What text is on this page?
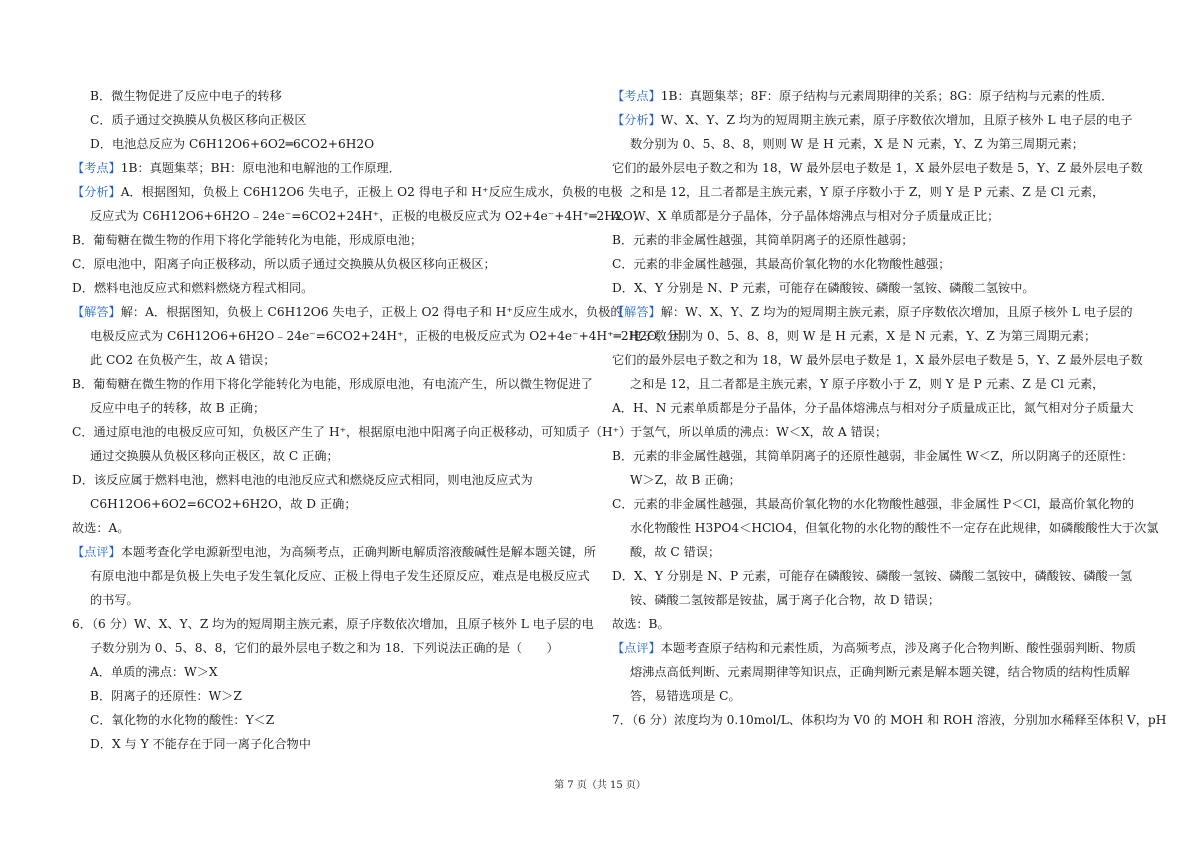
B．微生物促进了反应中电子的转移
C．质子通过交换膜从负极区移向正极区
D．电池总反应为 C6H12O6+6O2═6CO2+6H2O
【考点】1B：真题集萃；BH：原电池和电解池的工作原理．
【分析】A．根据图知，负极上 C6H12O6 失电子，正极上 O2 得电子和 H⁺反应生成水，负极的电极
反应式为 C6H12O6+6H2O﹣24e⁻=6CO2+24H⁺，正极的电极反应式为 O2+4e⁻+4H⁺═2H2O；
B．葡萄糖在微生物的作用下将化学能转化为电能，形成原电池；
C．原电池中，阳离子向正极移动，所以质子通过交换膜从负极区移向正极区；
D．燃料电池反应式和燃料燃烧方程式相同。
【解答】解：A．根据图知，负极上 C6H12O6 失电子，正极上 O2 得电子和 H⁺反应生成水，负极的
电极反应式为 C6H12O6+6H2O﹣24e⁻=6CO2+24H⁺，正极的电极反应式为 O2+4e⁻+4H⁺═2H2O，因
此 CO2 在负极产生，故 A 错误；
B．葡萄糖在微生物的作用下将化学能转化为电能，形成原电池，有电流产生，所以微生物促进了
反应中电子的转移，故 B 正确；
C．通过原电池的电极反应可知，负极区产生了 H⁺，根据原电池中阳离子向正极移动，可知质子（H⁺）
通过交换膜从负极区移向正极区，故 C 正确；
D．该反应属于燃料电池，燃料电池的电池反应式和燃烧反应式相同，则电池反应式为
C6H12O6+6O2=6CO2+6H2O，故 D 正确；
故选：A。
【点评】本题考查化学电源新型电池，为高频考点，正确判断电解质溶液酸碱性是解本题关键，所
有原电池中都是负极上失电子发生氧化反应、正极上得电子发生还原反应，难点是电极反应式
的书写。
6．（6 分）W、X、Y、Z 均为的短周期主族元素，原子序数依次增加，且原子核外 L 电子层的电
子数分别为 0、5、8、8，它们的最外层电子数之和为 18．下列说法正确的是（　　）
A．单质的沸点：W＞X
B．阴离子的还原性：W＞Z
C．氧化物的水化物的酸性：Y＜Z
D．X 与 Y 不能存在于同一离子化合物中
【考点】1B：真题集萃；8F：原子结构与元素周期律的关系；8G：原子结构与元素的性质．
【分析】W、X、Y、Z 均为的短周期主族元素，原子序数依次增加，且原子核外 L 电子层的电子
数分别为 0、5、8、8，则则 W 是 H 元素，X 是 N 元素，Y、Z 为第三周期元素；
它们的最外层电子数之和为 18，W 最外层电子数是 1，X 最外层电子数是 5，Y、Z 最外层电子数
之和是 12，且二者都是主族元素，Y 原子序数小于 Z，则 Y 是 P 元素、Z 是 Cl 元素，
A．W、X 单质都是分子晶体，分子晶体熔沸点与相对分子质量成正比；
B．元素的非金属性越强，其简单阴离子的还原性越弱；
C．元素的非金属性越强，其最高价氧化物的水化物酸性越强；
D．X、Y 分别是 N、P 元素，可能存在磷酸铵、磷酸一氢铵、磷酸二氢铵中。
【解答】解：W、X、Y、Z 均为的短周期主族元素，原子序数依次增加，且原子核外 L 电子层的
电子数分别为 0、5、8、8，则 W 是 H 元素，X 是 N 元素，Y、Z 为第三周期元素；
它们的最外层电子数之和为 18，W 最外层电子数是 1，X 最外层电子数是 5，Y、Z 最外层电子数
之和是 12，且二者都是主族元素，Y 原子序数小于 Z，则 Y 是 P 元素、Z 是 Cl 元素，
A．H、N 元素单质都是分子晶体，分子晶体熔沸点与相对分子质量成正比，氮气相对分子质量大
于氢气，所以单质的沸点：W＜X，故 A 错误；
B．元素的非金属性越强，其简单阴离子的还原性越弱，非金属性 W＜Z，所以阴离子的还原性：
W＞Z，故 B 正确；
C．元素的非金属性越强，其最高价氧化物的水化物酸性越强，非金属性 P＜Cl，最高价氧化物的
水化物酸性 H3PO4＜HClO4，但氧化物的水化物的酸性不一定存在此规律，如磷酸酸性大于次氯
酸，故 C 错误；
D．X、Y 分别是 N、P 元素，可能存在磷酸铵、磷酸一氢铵、磷酸二氢铵中，磷酸铵、磷酸一氢
铵、磷酸二氢铵都是铵盐，属于离子化合物，故 D 错误；
故选：B。
【点评】本题考查原子结构和元素性质，为高频考点，涉及离子化合物判断、酸性强弱判断、物质
熔沸点高低判断、元素周期律等知识点，正确判断元素是解本题关键，结合物质的结构性质解
答，易错选项是 C。
7．（6 分）浓度均为 0.10mol/L、体积均为 V0 的 MOH 和 ROH 溶液，分别加水稀释至体积 V，pH
第 7 页（共 15 页）
